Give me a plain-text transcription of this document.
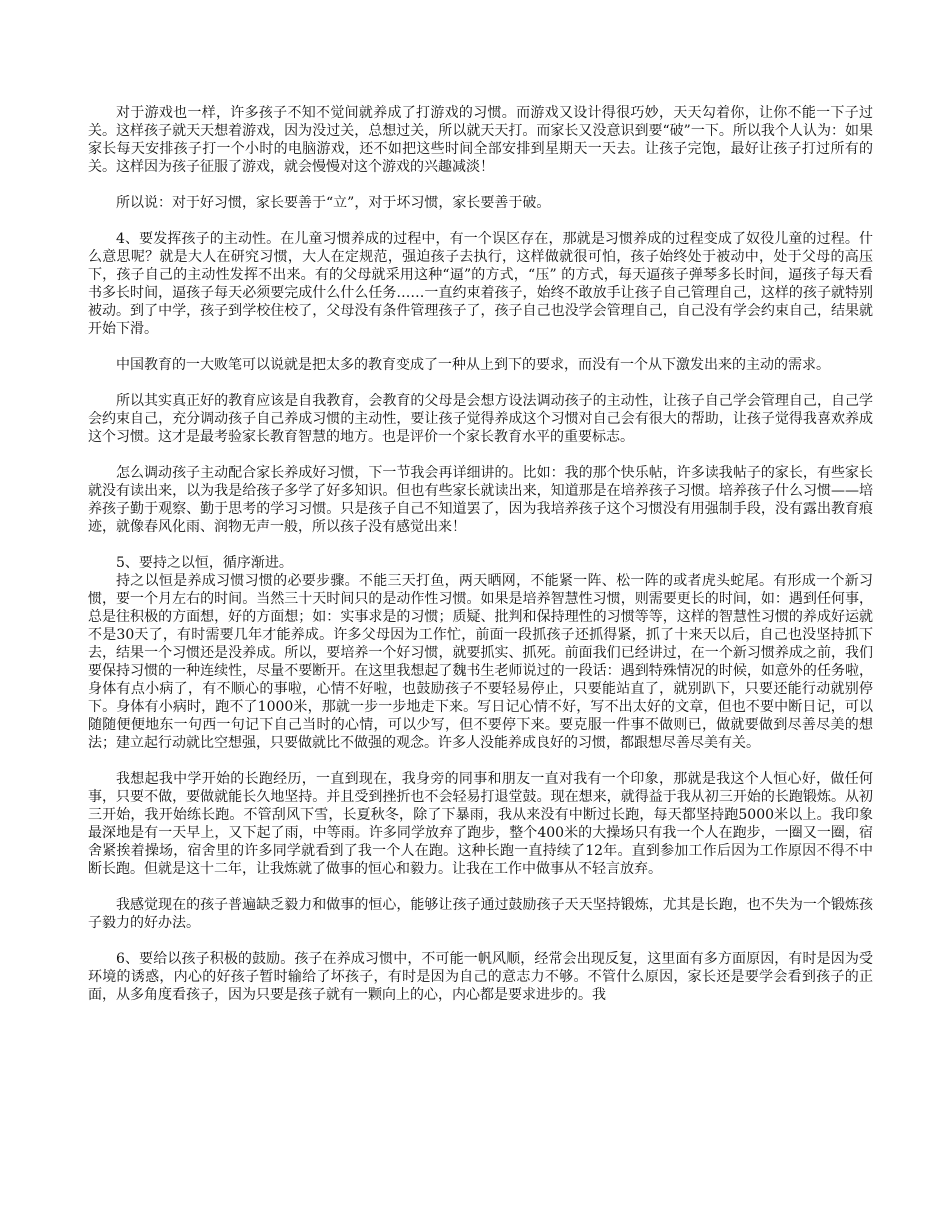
对于游戏也一样，许多孩子不知不觉间就养成了打游戏的习惯。而游戏又设计得很巧妙，天天勾着你，让你不能一下子过关。这样孩子就天天想着游戏，因为没过关，总想过关，所以就天天打。而家长又没意识到要“破”一下。所以我个人认为：如果家长每天安排孩子打一个小时的电脑游戏，还不如把这些时间全部安排到星期天一天去。让孩子完饱，最好让孩子打过所有的关。这样因为孩子征服了游戏，就会慢慢对这个游戏的兴趣减淡！

所以说：对于好习惯，家长要善于“立”，对于坏习惯，家长要善于破。

4、要发挥孩子的主动性。在儿童习惯养成的过程中，有一个误区存在，那就是习惯养成的过程变成了奴役儿童的过程。什么意思呢？就是大人在研究习惯，大人在定规范，强迫孩子去执行，这样做就很可怕，孩子始终处于被动中，处于父母的高压下，孩子自己的主动性发挥不出来。有的父母就采用这种“逼”的方式，“压” 的方式，每天逼孩子弹琴多长时间，逼孩子每天看书多长时间，逼孩子每天必须要完成什么什么任务……一直约束着孩子，始终不敢放手让孩子自己管理自己，这样的孩子就特别被动。到了中学，孩子到学校住校了，父母没有条件管理孩子了，孩子自己也没学会管理自己，自己没有学会约束自己，结果就开始下滑。

中国教育的一大败笔可以说就是把太多的教育变成了一种从上到下的要求，而没有一个从下激发出来的主动的需求。

所以其实真正好的教育应该是自我教育，会教育的父母是会想方设法调动孩子的主动性，让孩子自己学会管理自己，自己学会约束自己，充分调动孩子自己养成习惯的主动性，要让孩子觉得养成这个习惯对自己会有很大的帮助，让孩子觉得我喜欢养成这个习惯。这才是最考验家长教育智慧的地方。也是评价一个家长教育水平的重要标志。

怎么调动孩子主动配合家长养成好习惯，下一节我会再详细讲的。比如：我的那个快乐帖，许多读我帖子的家长，有些家长就没有读出来，以为我是给孩子多学了好多知识。但也有些家长就读出来，知道那是在培养孩子习惯。培养孩子什么习惯——培养孩子勤于观察、勤于思考的学习习惯。只是孩子自己不知道罢了，因为我培养孩子这个习惯没有用强制手段，没有露出教育痕迹，就像春风化雨、润物无声一般，所以孩子没有感觉出来！

5、要持之以恒，循序渐进。

持之以恒是养成习惯习惯的必要步骤。不能三天打鱼，两天晒网，不能紧一阵、松一阵的或者虎头蛇尾。有形成一个新习惯，要一个月左右的时间。当然三十天时间只的是动作性习惯。如果是培养智慧性习惯，则需要更长的时间，如：遇到任何事，总是往积极的方面想，好的方面想；如：实事求是的习惯；质疑、批判和保持理性的习惯等等，这样的智慧性习惯的养成好运就不是30天了，有时需要几年才能养成。许多父母因为工作忙，前面一段抓孩子还抓得紧，抓了十来天以后，自己也没坚持抓下去，结果一个习惯还是没养成。所以，要培养一个好习惯，就要抓实、抓死。前面我们已经讲过，在一个新习惯养成之前，我们要保持习惯的一种连续性，尽量不要断开。在这里我想起了魏书生老师说过的一段话：遇到特殊情况的时候，如意外的任务啦，身体有点小病了，有不顺心的事啦，心情不好啦，也鼓励孩子不要轻易停止，只要能站直了，就别趴下，只要还能行动就别停下。身体有小病时，跑不了1000米，那就一步一步地走下来。写日记心情不好，写不出太好的文章，但也不要中断日记，可以随随便便地东一句西一句记下自己当时的心情，可以少写，但不要停下来。要克服一件事不做则已，做就要做到尽善尽美的想法；建立起行动就比空想强，只要做就比不做强的观念。许多人没能养成良好的习惯，都跟想尽善尽美有关。

我想起我中学开始的长跑经历，一直到现在，我身旁的同事和朋友一直对我有一个印象，那就是我这个人恒心好，做任何事，只要不做，要做就能长久地坚持。并且受到挫折也不会轻易打退堂鼓。现在想来，就得益于我从初三开始的长跑锻炼。从初三开始，我开始练长跑。不管刮风下雪，长夏秋冬，除了下暴雨，我从来没有中断过长跑，每天都坚持跑5000米以上。我印象最深地是有一天早上，又下起了雨，中等雨。许多同学放弃了跑步，整个400米的大操场只有我一个人在跑步，一圈又一圈，宿舍紧挨着操场，宿舍里的许多同学就看到了我一个人在跑。这种长跑一直持续了12年。直到参加工作后因为工作原因不得不中断长跑。但就是这十二年，让我炼就了做事的恒心和毅力。让我在工作中做事从不轻言放弃。

我感觉现在的孩子普遍缺乏毅力和做事的恒心，能够让孩子通过鼓励孩子天天坚持锻炼，尤其是长跑，也不失为一个锻炼孩子毅力的好办法。

6、要给以孩子积极的鼓励。孩子在养成习惯中，不可能一帆风顺，经常会出现反复，这里面有多方面原因，有时是因为受环境的诱惑，内心的好孩子暂时输给了坏孩子，有时是因为自己的意志力不够。不管什么原因，家长还是要学会看到孩子的正面，从多角度看孩子，因为只要是孩子就有一颗向上的心，内心都是要求进步的。我
